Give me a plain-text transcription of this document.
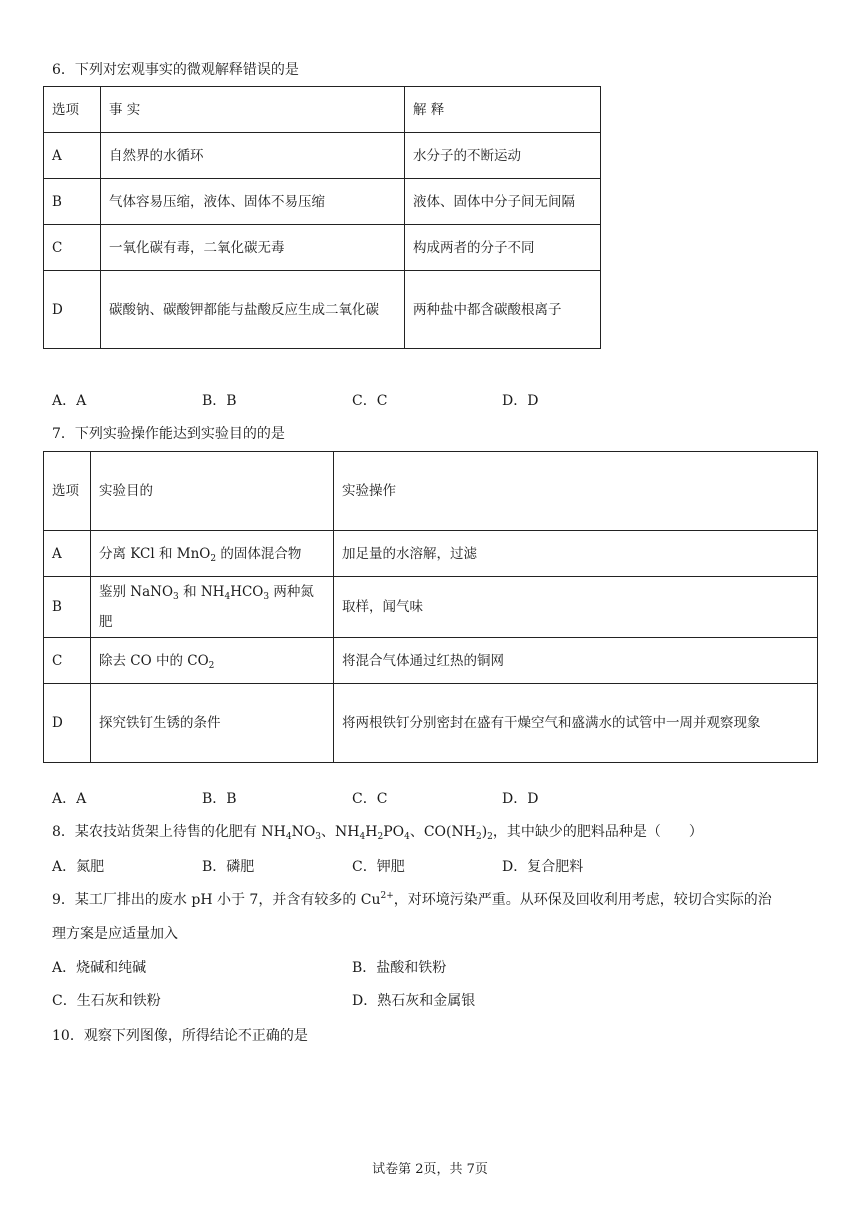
6．下列对宏观事实的微观解释错误的是
选项	事 实	解 释
A	自然界的水循环	水分子的不断运动
B	气体容易压缩，液体、固体不易压缩	液体、固体中分子间无间隔
C	一氧化碳有毒，二氧化碳无毒	构成两者的分子不同
D	碳酸钠、碳酸钾都能与盐酸反应生成二氧化碳	两种盐中都含碳酸根离子
A．A	B．B	C．C	D．D
7．下列实验操作能达到实验目的的是
选项	实验目的	实验操作
A	分离 KCl 和 MnO$_2$ 的固体混合物	加足量的水溶解，过滤
B	鉴别 NaNO$_3$ 和 $NH_4HCO_3$ 两种氮肥	取样，闻气味
C	除去 CO 中的 $CO_2$	将混合气体通过红热的铜网
D	探究铁钉生锈的条件	将两根铁钉分别密封在盛有干燥空气和盛满水的试管中一周并观察现象
A．A	B．B	C．C	D．D
8．某农技站货架上待售的化肥有 $NH_4NO_3$、$NH_4H_2PO_4$、$CO(NH_2)_2$，其中缺少的肥料品种是（　　）
A．氮肥	B．磷肥	C．钾肥	D．复合肥料
9．某工厂排出的废水 pH 小于 7，并含有较多的 $Cu^{2+}$，对环境污染严重。从环保及回收利用考虑，较切合实际的治
理方案是应适量加入
A．烧碱和纯碱	B．盐酸和铁粉
C．生石灰和铁粉	D．熟石灰和金属银
10．观察下列图像，所得结论不正确的是
试卷第 2页，共 7页
